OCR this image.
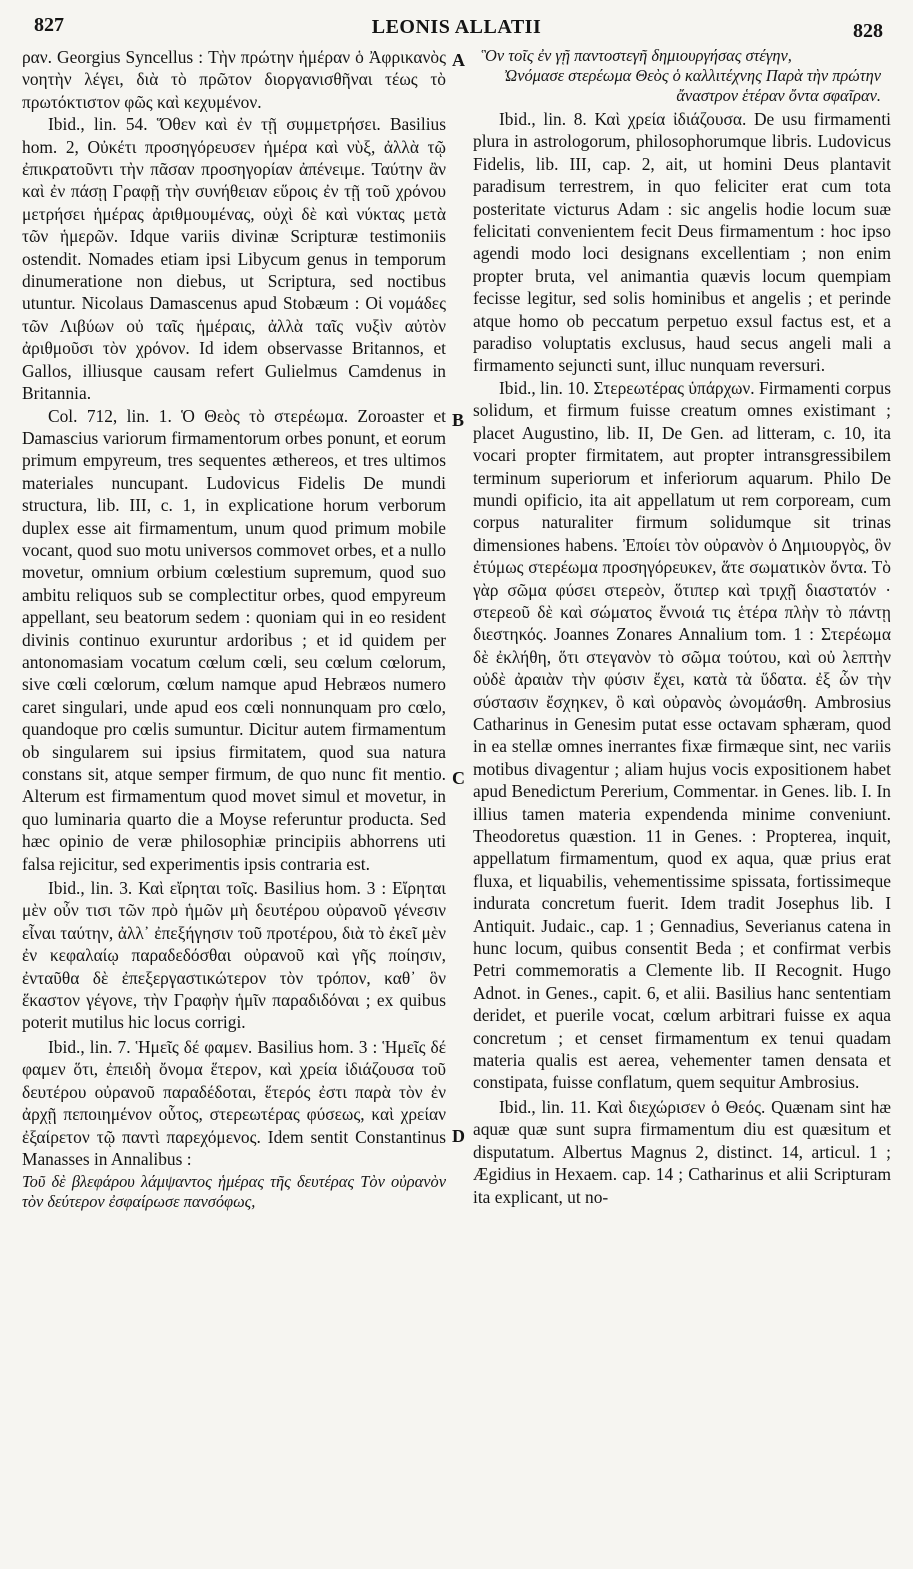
827	LEONIS ALLATII	828

ραν. Georgius Syncellus : Τὴν πρώτην ἡμέραν ὁ Ἀφρικανὸς νοητὴν λέγει, διὰ τὸ πρῶτον διοργανισθῆναι τέως τὸ πρωτόκτιστον φῶς καὶ κεχυμένον.

Ibid., lin. 54. Ὅθεν καὶ ἐν τῇ συμμετρήσει. Basilius hom. 2, Οὐκέτι προσηγόρευσεν ἡμέρα καὶ νὺξ, ἀλλὰ τῷ ἐπικρατοῦντι τὴν πᾶσαν προσηγορίαν ἀπένειμε. Ταύτην ἂν καὶ ἐν πάσῃ Γραφῇ τὴν συνήθειαν εὕροις ἐν τῇ τοῦ χρόνου μετρήσει ἡμέρας ἀριθμουμένας, οὐχὶ δὲ καὶ νύκτας μετὰ τῶν ἡμερῶν. Idque variis divinæ Scripturæ testimoniis ostendit. Nomades etiam ipsi Libycum genus in temporum dinumeratione non diebus, ut Scriptura, sed noctibus utuntur. Nicolaus Damascenus apud Stobæum : Οἱ νομάδες τῶν Λιβύων οὐ ταῖς ἡμέραις, ἀλλὰ ταῖς νυξὶν αὐτὸν ἀριθμοῦσι τὸν χρόνον. Id idem observasse Britannos, et Gallos, illiusque causam refert Gulielmus Camdenus in Britannia.

Col. 712, lin. 1. Ὁ Θεὸς τὸ στερέωμα. Zoroaster et Damascius variorum firmamentorum orbes ponunt, et eorum primum empyreum, tres sequentes æthereos, et tres ultimos materiales nuncupant. Ludovicus Fidelis De mundi structura, lib. III, c. 1, in explicatione horum verborum duplex esse ait firmamentum, unum quod primum mobile vocant, quod suo motu universos commovet orbes, et a nullo movetur, omnium orbium cœlestium supremum, quod suo ambitu reliquos sub se complectitur orbes, quod empyreum appellant, seu beatorum sedem : quoniam qui in eo resident divinis continuo exuruntur ardoribus ; et id quidem per antonomasiam vocatum cœlum cœli, seu cœlum cœlorum, sive cœli cœlorum, cœlum namque apud Hebræos numero caret singulari, unde apud eos cœli nonnunquam pro cœlo, quandoque pro cœlis sumuntur. Dicitur autem firmamentum ob singularem sui ipsius firmitatem, quod sua natura constans sit, atque semper firmum, de quo nunc fit mentio. Alterum est firmamentum quod movet simul et movetur, in quo luminaria quarto die a Moyse referuntur producta. Sed hæc opinio de veræ philosophiæ principiis abhorrens uti falsa rejicitur, sed experimentis ipsis contraria est.

Ibid., lin. 3. Καὶ εἴρηται τοῖς. Basilius hom. 3 : Εἴρηται μὲν οὖν τισι τῶν πρὸ ἡμῶν μὴ δευτέρου οὐρανοῦ γένεσιν εἶναι ταύτην, ἀλλ᾽ ἐπεξήγησιν τοῦ προτέρου, διὰ τὸ ἐκεῖ μὲν ἐν κεφαλαίῳ παραδεδόσθαι οὐρανοῦ καὶ γῆς ποίησιν, ἐνταῦθα δὲ ἐπεξεργαστικώτερον τὸν τρόπον, καθ᾽ ὃν ἕκαστον γέγονε, τὴν Γραφὴν ἡμῖν παραδιδόναι ; ex quibus poterit mutilus hic locus corrigi.

Ibid., lin. 7. Ἡμεῖς δέ φαμεν. Basilius hom. 3 : Ἡμεῖς δέ φαμεν ὅτι, ἐπειδὴ ὄνομα ἕτερον, καὶ χρεία ἰδιάζουσα τοῦ δευτέρου οὐρανοῦ παραδέδοται, ἕτερός ἐστι παρὰ τὸν ἐν ἀρχῇ πεποιημένον οὗτος, στερεωτέρας φύσεως, καὶ χρείαν ἐξαίρετον τῷ παντὶ παρεχόμενος. Idem sentit Constantinus Manasses in Annalibus :

Τοῦ δὲ βλεφάρου λάμψαντος ἡμέρας τῆς δευτέρας Τὸν οὐρανὸν τὸν δεύτερον ἐσφαίρωσε πανσόφως,

A
B
C
D

Ὃν τοῖς ἐν γῇ παντοστεγῆ δημιουργήσας στέγην,

Ὠνόμασε στερέωμα Θεὸς ὁ καλλιτέχνης Παρὰ τὴν πρώτην ἄναστρον ἑτέραν ὄντα σφαῖραν.

Ibid., lin. 8. Καὶ χρεία ἰδιάζουσα. De usu firmamenti plura in astrologorum, philosophorumque libris. Ludovicus Fidelis, lib. III, cap. 2, ait, ut homini Deus plantavit paradisum terrestrem, in quo feliciter erat cum tota posteritate victurus Adam : sic angelis hodie locum suæ felicitati convenientem fecit Deus firmamentum : hoc ipso agendi modo loci designans excellentiam ; non enim propter bruta, vel animantia quævis locum quempiam fecisse legitur, sed solis hominibus et angelis ; et perinde atque homo ob peccatum perpetuo exsul factus est, et a paradiso voluptatis exclusus, haud secus angeli mali a firmamento sejuncti sunt, illuc nunquam reversuri.

Ibid., lin. 10. Στερεωτέρας ὑπάρχων. Firmamenti corpus solidum, et firmum fuisse creatum omnes existimant ; placet Augustino, lib. II, De Gen. ad litteram, c. 10, ita vocari propter firmitatem, aut propter intransgressibilem terminum superiorum et inferiorum aquarum. Philo De mundi opificio, ita ait appellatum ut rem corpoream, cum corpus naturaliter firmum solidumque sit trinas dimensiones habens. Ἐποίει τὸν οὐρανὸν ὁ Δημιουργὸς, ὃν ἐτύμως στερέωμα προσηγόρευκεν, ἅτε σωματικὸν ὄντα. Τὸ γὰρ σῶμα φύσει στερεὸν, ὅτιπερ καὶ τριχῇ διαστατόν · στερεοῦ δὲ καὶ σώματος ἔννοιά τις ἑτέρα πλὴν τὸ πάντῃ διεστηκός. Joannes Zonares Annalium tom. 1 : Στερέωμα δὲ ἐκλήθη, ὅτι στεγανὸν τὸ σῶμα τούτου, καὶ οὐ λεπτὴν οὐδὲ ἀραιὰν τὴν φύσιν ἔχει, κατὰ τὰ ὕδατα. ἐξ ὧν τὴν σύστασιν ἔσχηκεν, ὃ καὶ οὐρανὸς ὠνομάσθη. Ambrosius Catharinus in Genesim putat esse octavam sphæram, quod in ea stellæ omnes inerrantes fixæ firmæque sint, nec variis motibus divagentur ; aliam hujus vocis expositionem habet apud Benedictum Pererium, Commentar. in Genes. lib. I. In illius tamen materia expendenda minime conveniunt. Theodoretus quæstion. 11 in Genes. : Propterea, inquit, appellatum firmamentum, quod ex aqua, quæ prius erat fluxa, et liquabilis, vehementissime spissata, fortissimeque indurata concretum fuerit. Idem tradit Josephus lib. I Antiquit. Judaic., cap. 1 ; Gennadius, Severianus catena in hunc locum, quibus consentit Beda ; et confirmat verbis Petri commemoratis a Clemente lib. II Recognit. Hugo Adnot. in Genes., capit. 6, et alii. Basilius hanc sententiam deridet, et puerile vocat, cœlum arbitrari fuisse ex aqua concretum ; et censet firmamentum ex tenui quadam materia qualis est aerea, vehementer tamen densata et constipata, fuisse conflatum, quem sequitur Ambrosius.

Ibid., lin. 11. Καὶ διεχώρισεν ὁ Θεός. Quænam sint hæ aquæ quæ sunt supra firmamentum diu est quæsitum et disputatum. Albertus Magnus 2, distinct. 14, articul. 1 ; Ægidius in Hexaem. cap. 14 ; Catharinus et alii Scripturam ita explicant, ut no-
